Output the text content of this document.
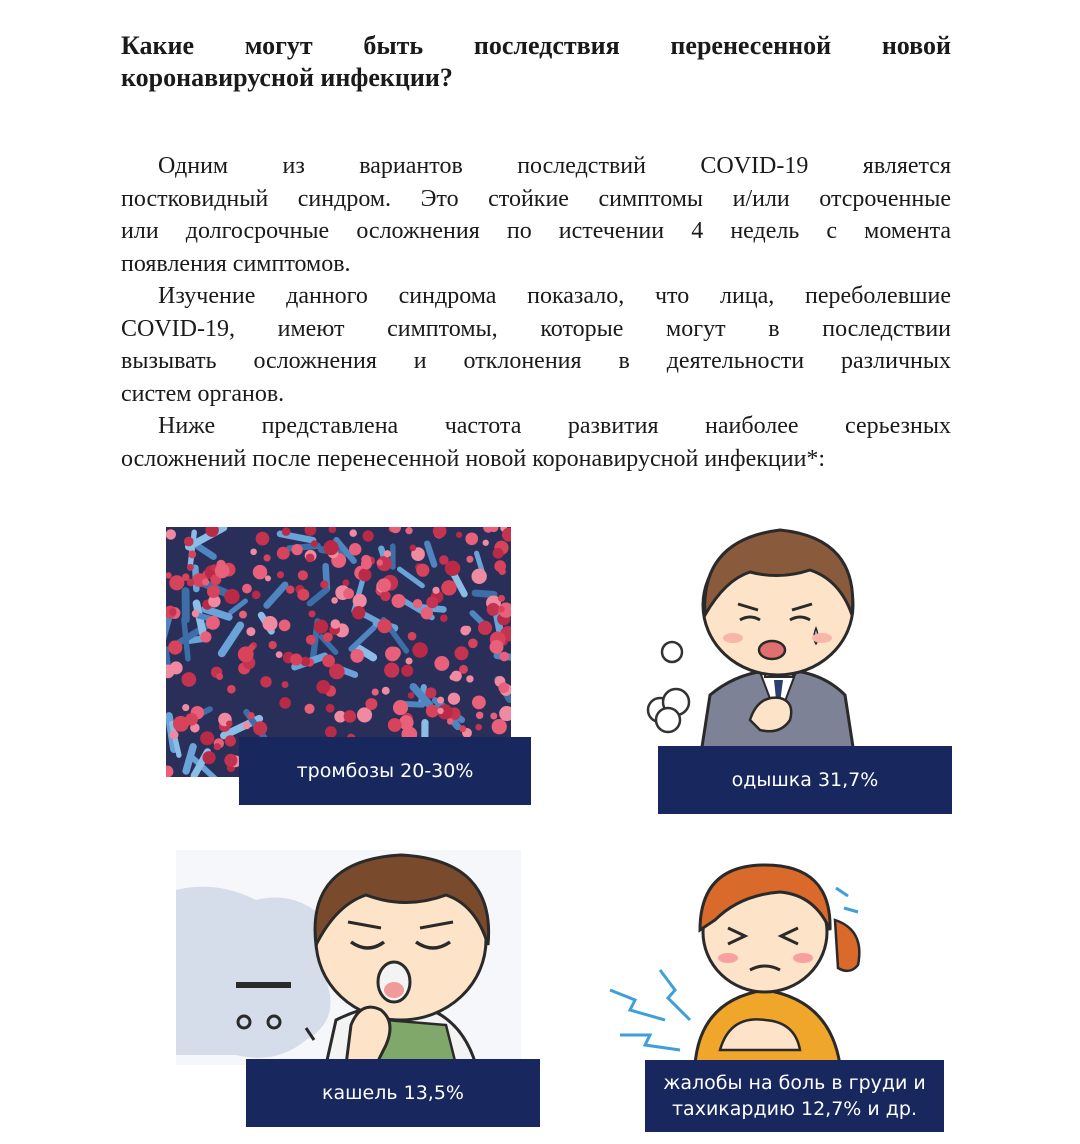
Какие могут быть последствия перенесенной новой
коронавирусной инфекции?
Одним из вариантов последствий COVID-19 является
постковидный синдром. Это стойкие симптомы и/или отсроченные
или долгосрочные осложнения по истечении 4 недель с момента
появления симптомов.
Изучение данного синдрома показало, что лица, переболевшие
COVID-19, имеют симптомы, которые могут в последствии
вызывать осложнения и отклонения в деятельности различных
систем органов.
Ниже представлена частота развития наиболее серьезных
осложнений после перенесенной новой коронавирусной инфекции*:
тромбозы 20-30%	одышка 31,7%
кашель 13,5%	жалобы на боль в груди и
тахикардию 12,7% и др.
